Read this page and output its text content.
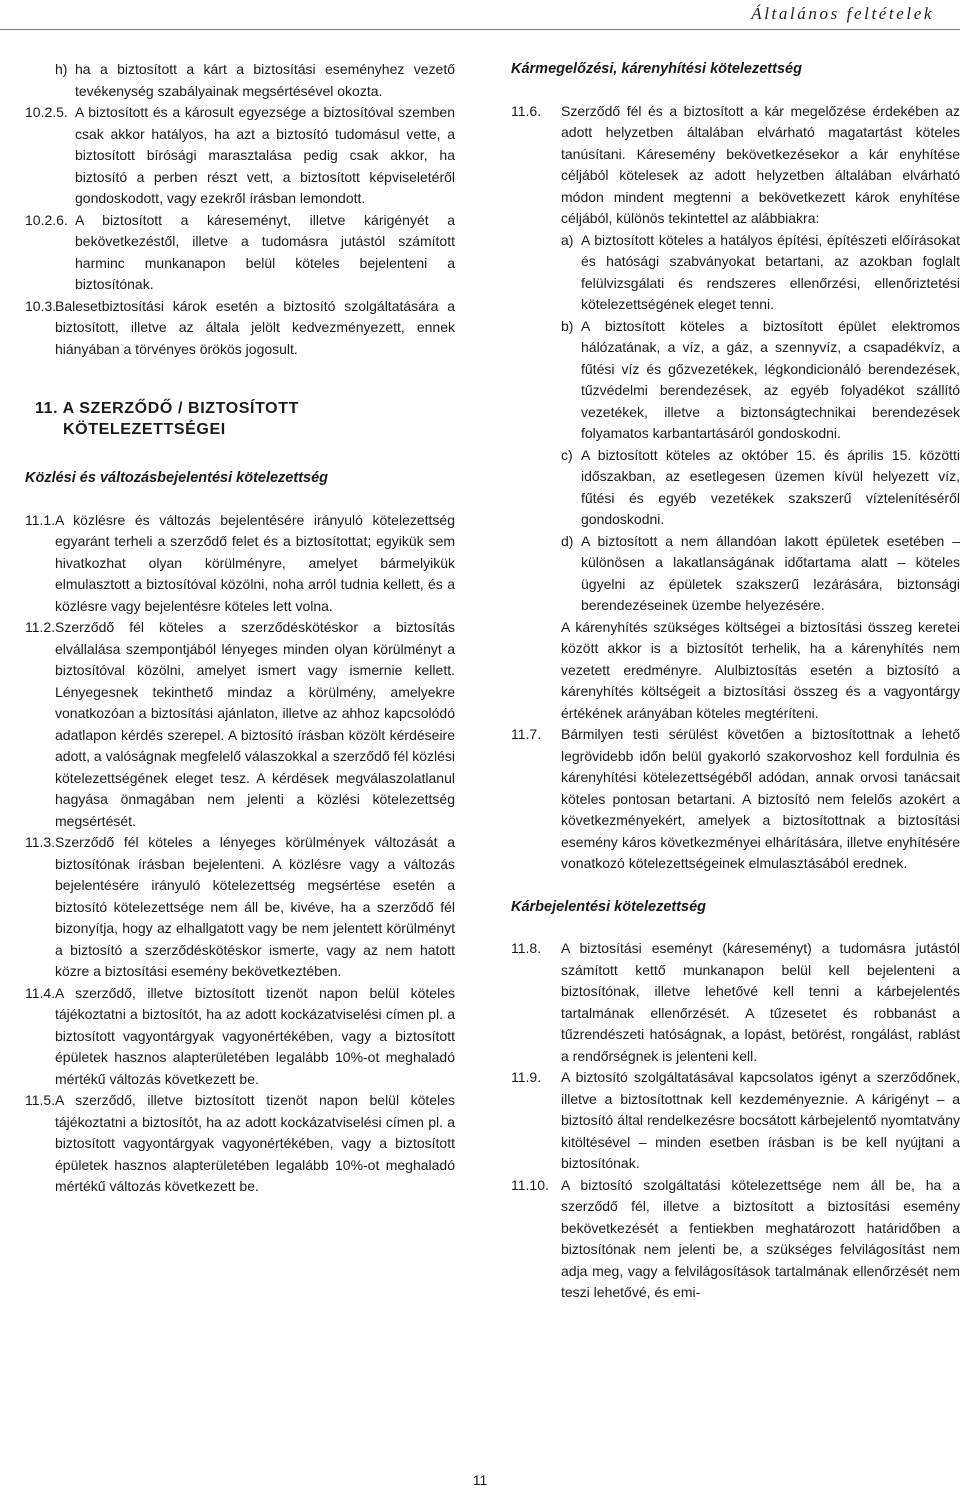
Általános feltételek
h) ha a biztosított a kárt a biztosítási eseményhez vezető tevékenység szabályainak megsértésével okozta.
10.2.5. A biztosított és a károsult egyezsége a biztosítóval szemben csak akkor hatályos, ha azt a biztosító tudomásul vette, a biztosított bírósági marasztalása pedig csak akkor, ha biztosító a perben részt vett, a biztosított képviseletéről gondoskodott, vagy ezekről írásban lemondott.
10.2.6. A biztosított a káreseményt, illetve kárigényét a bekövetkezéstől, illetve a tudomásra jutástól számított harminc munkanapon belül köteles bejelenteni a biztosítónak.
10.3.
Balesetbiztosítási károk esetén a biztosító szolgáltatására a biztosított, illetve az általa jelölt kedvezményezett, ennek hiányában a törvényes örökös jogosult.
11. A SZERZŐDŐ / BIZTOSÍTOTT
KÖTELEZETTSÉGEI
Közlési és változásbejelentési kötelezettség
11.1. A közlésre és változás bejelentésére irányuló kötelezettség egyaránt terheli a szerződő felet és a biztosítottat; egyikük sem hivatkozhat olyan körülményre, amelyet bármelyikük elmulasztott a biztosítóval közölni, noha arról tudnia kellett, és a közlésre vagy bejelentésre köteles lett volna.
11.2. Szerződő fél köteles a szerződéskötéskor a biztosítás elvállalása szempontjából lényeges minden olyan körülményt a biztosítóval közölni, amelyet ismert vagy ismernie kellett. Lényegesnek tekinthető mindaz a körülmény, amelyekre vonatkozóan a biztosítási ajánlaton, illetve az ahhoz kapcsolódó adatlapon kérdés szerepel. A biztosító írásban közölt kérdéseire adott, a valóságnak megfelelő válaszokkal a szerződő fél közlési kötelezettségének eleget tesz. A kérdések megválaszolatlanul hagyása önmagában nem jelenti a közlési kötelezettség megsértését.
11.3. Szerződő fél köteles a lényeges körülmények változását a biztosítónak írásban bejelenteni. A közlésre vagy a változás bejelentésére irányuló kötelezettség megsértése esetén a biztosító kötelezettsége nem áll be, kivéve, ha a szerződő fél bizonyítja, hogy az elhallgatott vagy be nem jelentett körülményt a biztosító a szerződéskötéskor ismerte, vagy az nem hatott közre a biztosítási esemény bekövetkeztében.
11.4. A szerződő, illetve biztosított tizenöt napon belül köteles tájékoztatni a biztosítót, ha az adott kockázatviselési címen pl. a biztosított vagyontárgyak vagyonértékében, vagy a biztosított épületek hasznos alapterületében legalább 10%-ot meghaladó mértékű változás következett be.
11.5. A szerződő, illetve biztosított tizenöt napon belül köteles tájékoztatni a biztosítót, ha az adott kockázatviselési címen pl. a biztosított vagyontárgyak vagyonértékében, vagy a biztosított épületek hasznos alapterületében legalább 10%-ot meghaladó mértékű változás következett be.
Kármegelőzési, kárenyhítési kötelezettség
11.6. Szerződő fél és a biztosított a kár megelőzése érdekében az adott helyzetben általában elvárható magatartást köteles tanúsítani. Káresemény bekövetkezésekor a kár enyhítése céljából kötelesek az adott helyzetben általában elvárható módon mindent megtenni a bekövetkezett károk enyhítése céljából, különös tekintettel az alábbiakra:
a) A biztosított köteles a hatályos építési, építészeti előírásokat és hatósági szabványokat betartani, az azokban foglalt felülvizsgálati és rendszeres ellenőrzési, ellenőriztetési kötelezettségének eleget tenni.
b) A biztosított köteles a biztosított épület elektromos hálózatának, a víz, a gáz, a szennyvíz, a csapadékvíz, a fűtési víz és gőzvezetékek, légkondicionáló berendezések, tűzvédelmi berendezések, az egyéb folyadékot szállító vezetékek, illetve a biztonságtechnikai berendezések folyamatos karbantartásáról gondoskodni.
c) A biztosított köteles az október 15. és április 15. közötti időszakban, az esetlegesen üzemen kívül helyezett víz, fűtési és egyéb vezetékek szakszerű víztelenítéséről gondoskodni.
d) A biztosított a nem állandóan lakott épületek esetében – különösen a lakatlanságának időtartama alatt – köteles ügyelni az épületek szakszerű lezárására, biztonsági berendezéseinek üzembe helyezésére.
A kárenyhítés szükséges költségei a biztosítási összeg keretei között akkor is a biztosítót terhelik, ha a kárenyhítés nem vezetett eredményre. Alulbiztosítás esetén a biztosító a kárenyhítés költségeit a biztosítási összeg és a vagyontárgy értékének arányában köteles megtéríteni.
11.7. Bármilyen testi sérülést követően a biztosítottnak a lehető legrövidebb időn belül gyakorló szakorvoshoz kell fordulnia és kárenyhítési kötelezettségéből adódan, annak orvosi tanácsait köteles pontosan betartani. A biztosító nem felelős azokért a következményekért, amelyek a biztosítottnak a biztosítási esemény káros következményei elhárítására, illetve enyhítésére vonatkozó kötelezettségeinek elmulasztásából erednek.
Kárbejelentési kötelezettség
11.8. A biztosítási eseményt (káreseményt) a tudomásra jutástól számított kettő munkanapon belül kell bejelenteni a biztosítónak, illetve lehetővé kell tenni a kárbejelentés tartalmának ellenőrzését. A tűzesetet és robbanást a tűzrendészeti hatóságnak, a lopást, betörést, rongálást, rablást a rendőrségnek is jelenteni kell.
11.9. A biztosító szolgáltatásával kapcsolatos igényt a szerződőnek, illetve a biztosítottnak kell kezdeményeznie. A kárigényt – a biztosító által rendelkezésre bocsátott kárbejelentő nyomtatvány kitöltésével – minden esetben írásban is be kell nyújtani a biztosítónak.
11.10. A biztosító szolgáltatási kötelezettsége nem áll be, ha a szerződő fél, illetve a biztosított a biztosítási esemény bekövetkezését a fentiekben meghatározott határidőben a biztosítónak nem jelenti be, a szükséges felvilágosítást nem adja meg, vagy a felvilágosítások tartalmának ellenőrzését nem teszi lehetővé, és emi-
11
